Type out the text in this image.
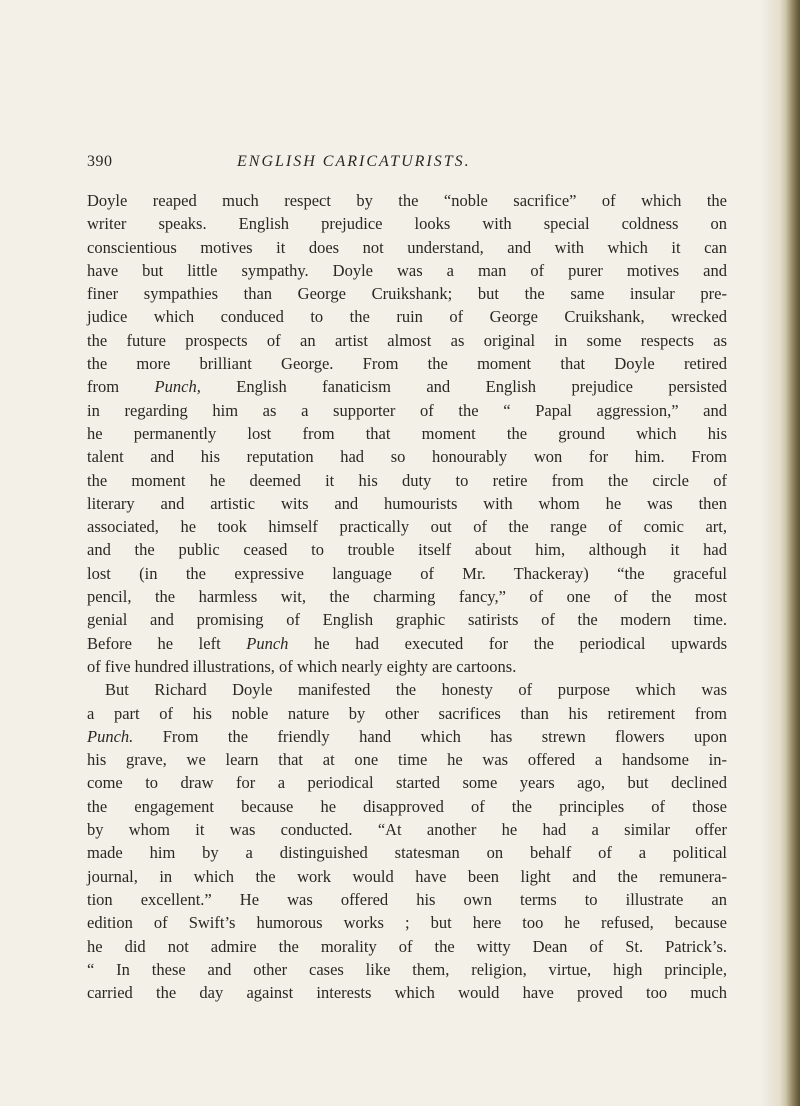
390	ENGLISH CARICATURISTS.
Doyle reaped much respect by the “noble sacrifice” of which the
writer speaks. English prejudice looks with special coldness on
conscientious motives it does not understand, and with which it can
have but little sympathy. Doyle was a man of purer motives and
finer sympathies than George Cruikshank; but the same insular pre-
judice which conduced to the ruin of George Cruikshank, wrecked
the future prospects of an artist almost as original in some respects as
the more brilliant George. From the moment that Doyle retired
from Punch, English fanaticism and English prejudice persisted
in regarding him as a supporter of the “ Papal aggression,” and
he permanently lost from that moment the ground which his
talent and his reputation had so honourably won for him. From
the moment he deemed it his duty to retire from the circle of
literary and artistic wits and humourists with whom he was then
associated, he took himself practically out of the range of comic art,
and the public ceased to trouble itself about him, although it had
lost (in the expressive language of Mr. Thackeray) “the graceful
pencil, the harmless wit, the charming fancy,” of one of the most
genial and promising of English graphic satirists of the modern time.
Before he left Punch he had executed for the periodical upwards
of five hundred illustrations, of which nearly eighty are cartoons.
But Richard Doyle manifested the honesty of purpose which was
a part of his noble nature by other sacrifices than his retirement from
Punch. From the friendly hand which has strewn flowers upon
his grave, we learn that at one time he was offered a handsome in-
come to draw for a periodical started some years ago, but declined
the engagement because he disapproved of the principles of those
by whom it was conducted. “At another he had a similar offer
made him by a distinguished statesman on behalf of a political
journal, in which the work would have been light and the remunera-
tion excellent.” He was offered his own terms to illustrate an
edition of Swift’s humorous works ; but here too he refused, because
he did not admire the morality of the witty Dean of St. Patrick’s.
“ In these and other cases like them, religion, virtue, high principle,
carried the day against interests which would have proved too much
